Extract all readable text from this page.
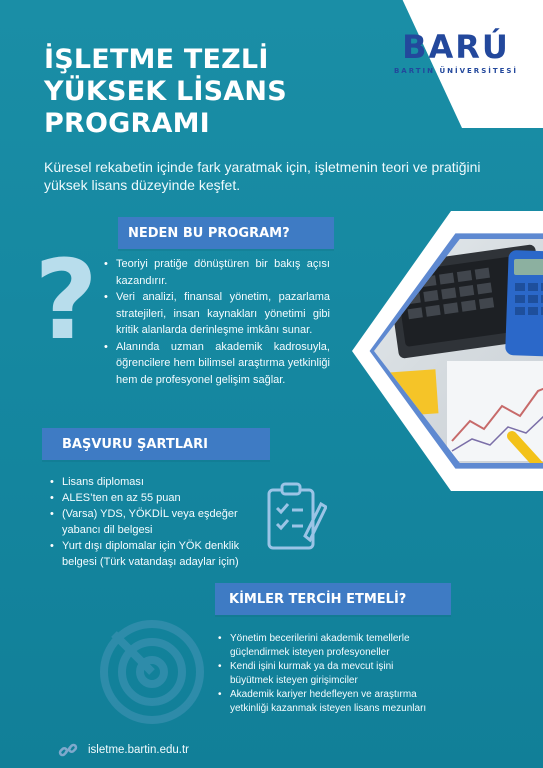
BARÚ
BARTIN ÜNİVERSİTESİ
İŞLETME TEZLİ
YÜKSEK LİSANS
PROGRAMI
Küresel rekabetin içinde fark yaratmak için, işletmenin teori ve pratiğini yüksek lisans düzeyinde keşfet.
?
NEDEN BU PROGRAM?
• Teoriyi pratiğe dönüştüren bir bakış açısı kazandırır.
• Veri analizi, finansal yönetim, pazarlama stratejileri, insan kaynakları yönetimi gibi kritik alanlarda derinleşme imkânı sunar.
• Alanında uzman akademik kadrosuyla, öğrencilere hem bilimsel araştırma yetkinliği hem de profesyonel gelişim sağlar.
BAŞVURU ŞARTLARI
• Lisans diploması
• ALES’ten en az 55 puan
• (Varsa) YDS, YÖKDİL veya eşdeğer yabancı dil belgesi
• Yurt dışı diplomalar için YÖK denklik belgesi (Türk vatandaşı adaylar için)
KİMLER TERCİH ETMELİ?
• Yönetim becerilerini akademik temellerle güçlendirmek isteyen profesyoneller
• Kendi işini kurmak ya da mevcut işini büyütmek isteyen girişimciler
• Akademik kariyer hedefleyen ve araştırma yetkinliği kazanmak isteyen lisans mezunları
isletme.bartin.edu.tr
